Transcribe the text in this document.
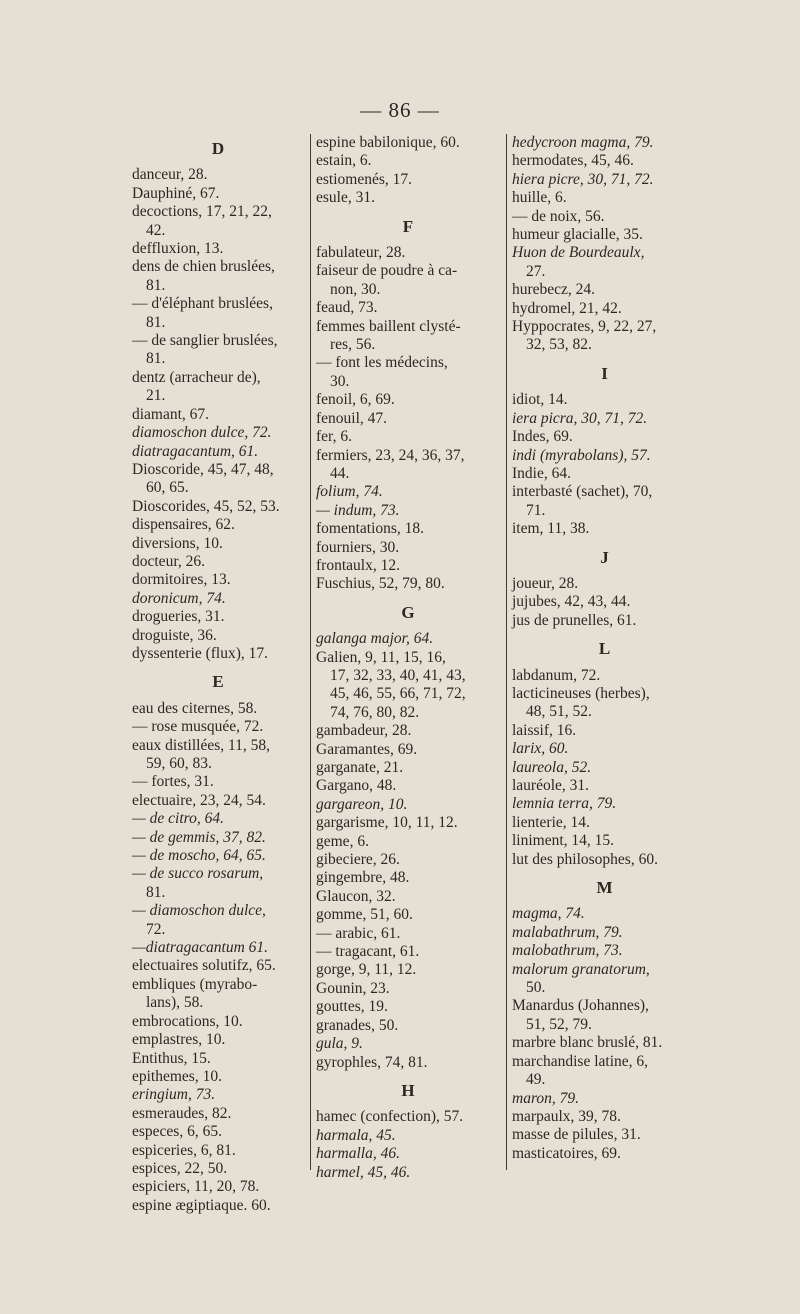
— 86 —
D
danceur, 28.
Dauphiné, 67.
decoctions, 17, 21, 22,
42.
deffluxion, 13.
dens de chien bruslées,
81.
— d'éléphant bruslées,
81.
— de sanglier bruslées,
81.
dentz (arracheur de),
21.
diamant, 67.
diamoschon dulce, 72.
diatragacantum, 61.
Dioscoride, 45, 47, 48,
60, 65.
Dioscorides, 45, 52, 53.
dispensaires, 62.
diversions, 10.
docteur, 26.
dormitoires, 13.
doronicum, 74.
drogueries, 31.
droguiste, 36.
dyssenterie (flux), 17.
E
eau des citernes, 58.
— rose musquée, 72.
eaux distillées, 11, 58,
59, 60, 83.
— fortes, 31.
electuaire, 23, 24, 54.
— de citro, 64.
— de gemmis, 37, 82.
— de moscho, 64, 65.
— de succo rosarum,
81.
— diamoschon dulce,
72.
—diatragacantum 61.
electuaires solutifz, 65.
embliques (myrabo-
lans), 58.
embrocations, 10.
emplastres, 10.
Entithus, 15.
epithemes, 10.
eringium, 73.
esmeraudes, 82.
especes, 6, 65.
espiceries, 6, 81.
espices, 22, 50.
espiciers, 11, 20, 78.
espine ægiptiaque. 60.
espine babilonique, 60.
estain, 6.
estiomenés, 17.
esule, 31.
F
fabulateur, 28.
faiseur de poudre à ca-
non, 30.
feaud, 73.
femmes baillent clysté-
res, 56.
— font les médecins,
30.
fenoil, 6, 69.
fenouil, 47.
fer, 6.
fermiers, 23, 24, 36, 37,
44.
folium, 74.
— indum, 73.
fomentations, 18.
fourniers, 30.
frontaulx, 12.
Fuschius, 52, 79, 80.
G
galanga major, 64.
Galien, 9, 11, 15, 16,
17, 32, 33, 40, 41, 43,
45, 46, 55, 66, 71, 72,
74, 76, 80, 82.
gambadeur, 28.
Garamantes, 69.
garganate, 21.
Gargano, 48.
gargareon, 10.
gargarisme, 10, 11, 12.
geme, 6.
gibeciere, 26.
gingembre, 48.
Glaucon, 32.
gomme, 51, 60.
— arabic, 61.
— tragacant, 61.
gorge, 9, 11, 12.
Gounin, 23.
gouttes, 19.
granades, 50.
gula, 9.
gyrophles, 74, 81.
H
hamec (confection), 57.
harmala, 45.
harmalla, 46.
harmel, 45, 46.
hedycroon magma, 79.
hermodates, 45, 46.
hiera picre, 30, 71, 72.
huille, 6.
— de noix, 56.
humeur glacialle, 35.
Huon de Bourdeaulx,
27.
hurebecz, 24.
hydromel, 21, 42.
Hyppocrates, 9, 22, 27,
32, 53, 82.
I
idiot, 14.
iera picra, 30, 71, 72.
Indes, 69.
indi (myrabolans), 57.
Indie, 64.
interbasté (sachet), 70,
71.
item, 11, 38.
J
joueur, 28.
jujubes, 42, 43, 44.
jus de prunelles, 61.
L
labdanum, 72.
lacticineuses (herbes),
48, 51, 52.
laissif, 16.
larix, 60.
laureola, 52.
lauréole, 31.
lemnia terra, 79.
lienterie, 14.
liniment, 14, 15.
lut des philosophes, 60.
M
magma, 74.
malabathrum, 79.
malobathrum, 73.
malorum granatorum,
50.
Manardus (Johannes),
51, 52, 79.
marbre blanc bruslé, 81.
marchandise latine, 6,
49.
maron, 79.
marpaulx, 39, 78.
masse de pilules, 31.
masticatoires, 69.
